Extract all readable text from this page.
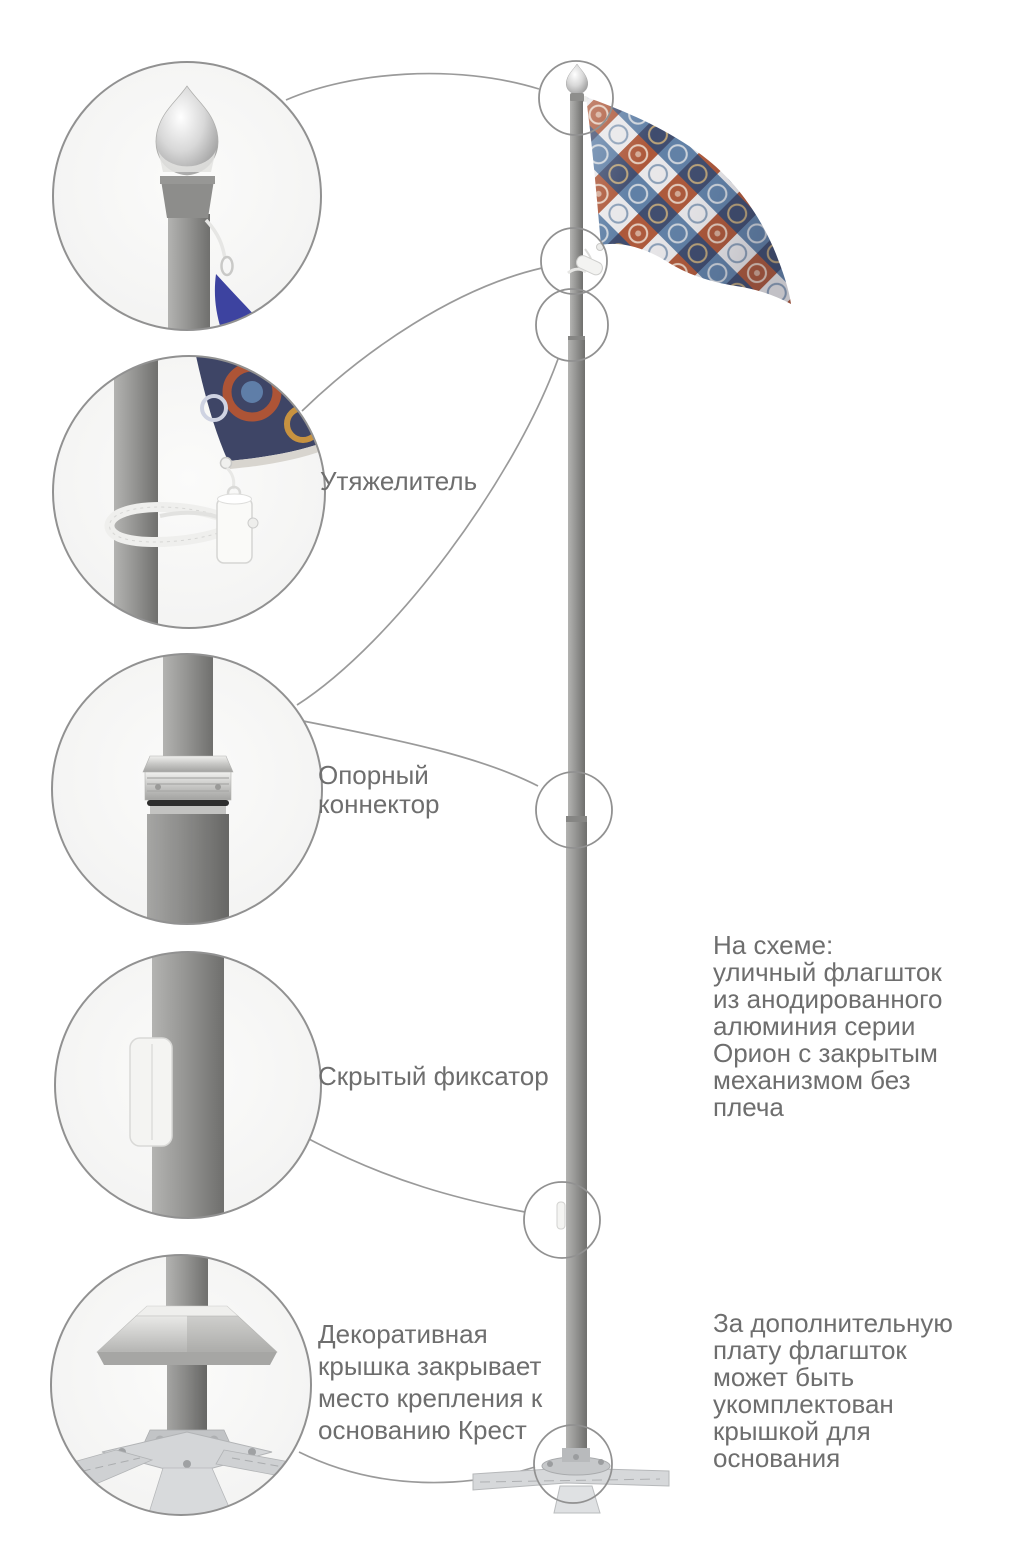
Утяжелитель
Опорный
коннектор
Скрытый фиксатор
Декоративная
крышка закрывает
место крепления к
основанию Крест
На схеме:
уличный флагшток
из анодированного
алюминия серии
Орион с закрытым
механизмом без
плеча
За дополнительную
плату флагшток
может быть
укомплектован
крышкой для
основания
